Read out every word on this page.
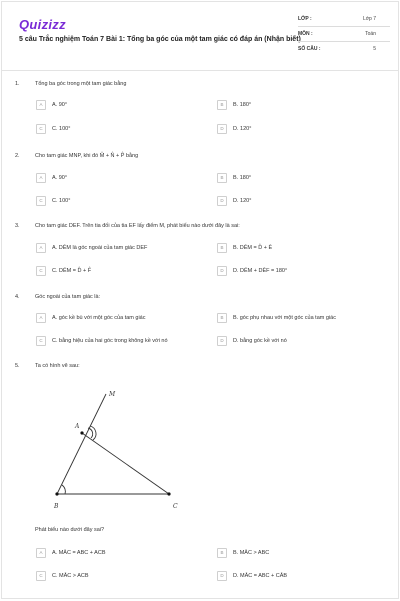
Quizizz
5 câu Trắc nghiệm Toán 7 Bài 1: Tổng ba góc của một tam giác có đáp án (Nhận biết)
LỚP :	Lớp 7
MÔN :	Toán
SỐ CÂU :	5
1.	Tổng ba góc trong một tam giác bằng
A	A. 90°	B	B. 180°
C	C. 100°	D	D. 120°
2.	Cho tam giác MNP, khi đó M̂ + N̂ + P̂ bằng
A	A. 90°	B	B. 180°
C	C. 100°	D	D. 120°
3.	Cho tam giác DEF. Trên tia đối của tia EF lấy điểm M, phát biểu nào dưới đây là sai:
A	A. DÊM là góc ngoài của tam giác DEF	B	B. DÊM = D̂ + Ê
C	C. DÊM = D̂ + F̂	D	D. DÊM + DÊF = 180°
4.	Góc ngoài của tam giác là:
A	A. góc kề bù với một góc của tam giác	B	B. góc phụ nhau với một góc của tam giác
C	C. bằng hiệu của hai góc trong không kề với nó	D	D. bằng góc kề với nó
5.	Ta có hình vẽ sau:
M
A
B	C
Phát biểu nào dưới đây sai?
A	A. MÂC = ABC + ACB	B	B. MÂC > ABC
C	C. MÂC > ACB	D	D. MÂC = ABC + CÂB
